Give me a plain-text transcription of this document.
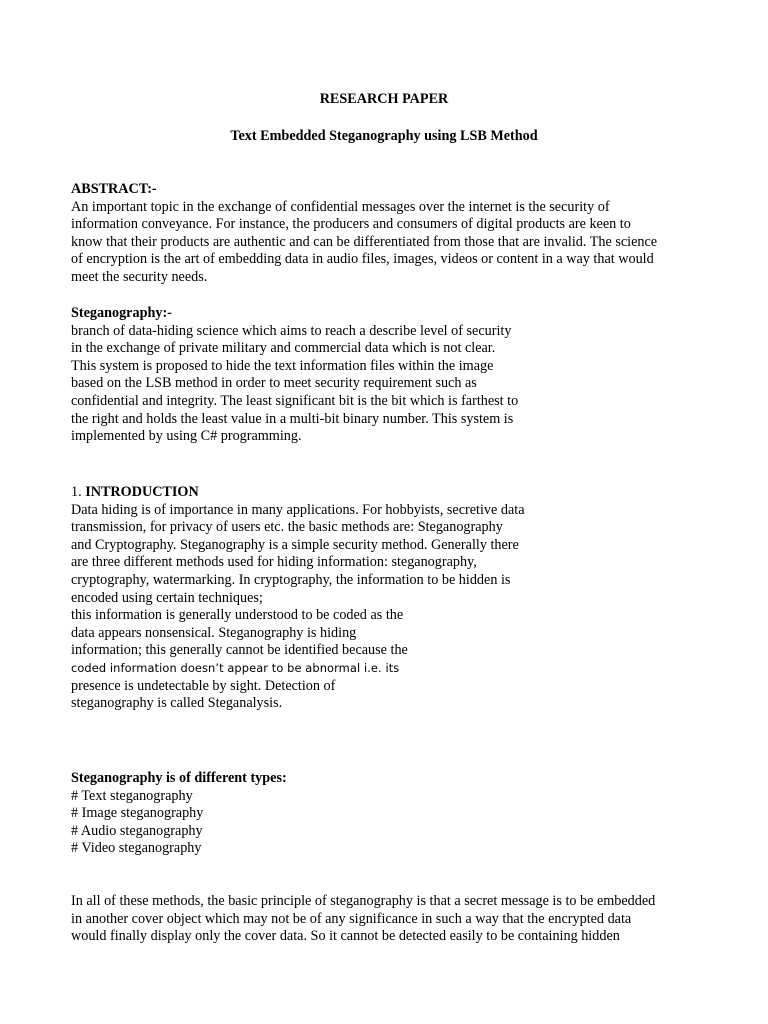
RESEARCH PAPER
Text Embedded Steganography using LSB Method
ABSTRACT:-
An important topic in the exchange of confidential messages over the internet is the security of
information conveyance. For instance, the producers and consumers of digital products are keen to
know that their products are authentic and can be differentiated from those that are invalid. The science
of encryption is the art of embedding data in audio files, images, videos or content in a way that would
meet the security needs.
Steganography:-
branch of data-hiding science which aims to reach a describe level of security
in the exchange of private military and commercial data which is not clear.
This system is proposed to hide the text information files within the image
based on the LSB method in order to meet security requirement such as
confidential and integrity. The least significant bit is the bit which is farthest to
the right and holds the least value in a multi-bit binary number. This system is
implemented by using C# programming.
1. INTRODUCTION
Data hiding is of importance in many applications. For hobbyists, secretive data
transmission, for privacy of users etc. the basic methods are: Steganography
and Cryptography. Steganography is a simple security method. Generally there
are three different methods used for hiding information: steganography,
cryptography, watermarking. In cryptography, the information to be hidden is
encoded using certain techniques;
this information is generally understood to be coded as the
data appears nonsensical. Steganography is hiding
information; this generally cannot be identified because the
coded information doesn’t appear to be abnormal i.e. its
presence is undetectable by sight. Detection of
steganography is called Steganalysis.
Steganography is of different types:
# Text steganography
# Image steganography
# Audio steganography
# Video steganography
In all of these methods, the basic principle of steganography is that a secret message is to be embedded
in another cover object which may not be of any significance in such a way that the encrypted data
would finally display only the cover data. So it cannot be detected easily to be containing hidden
